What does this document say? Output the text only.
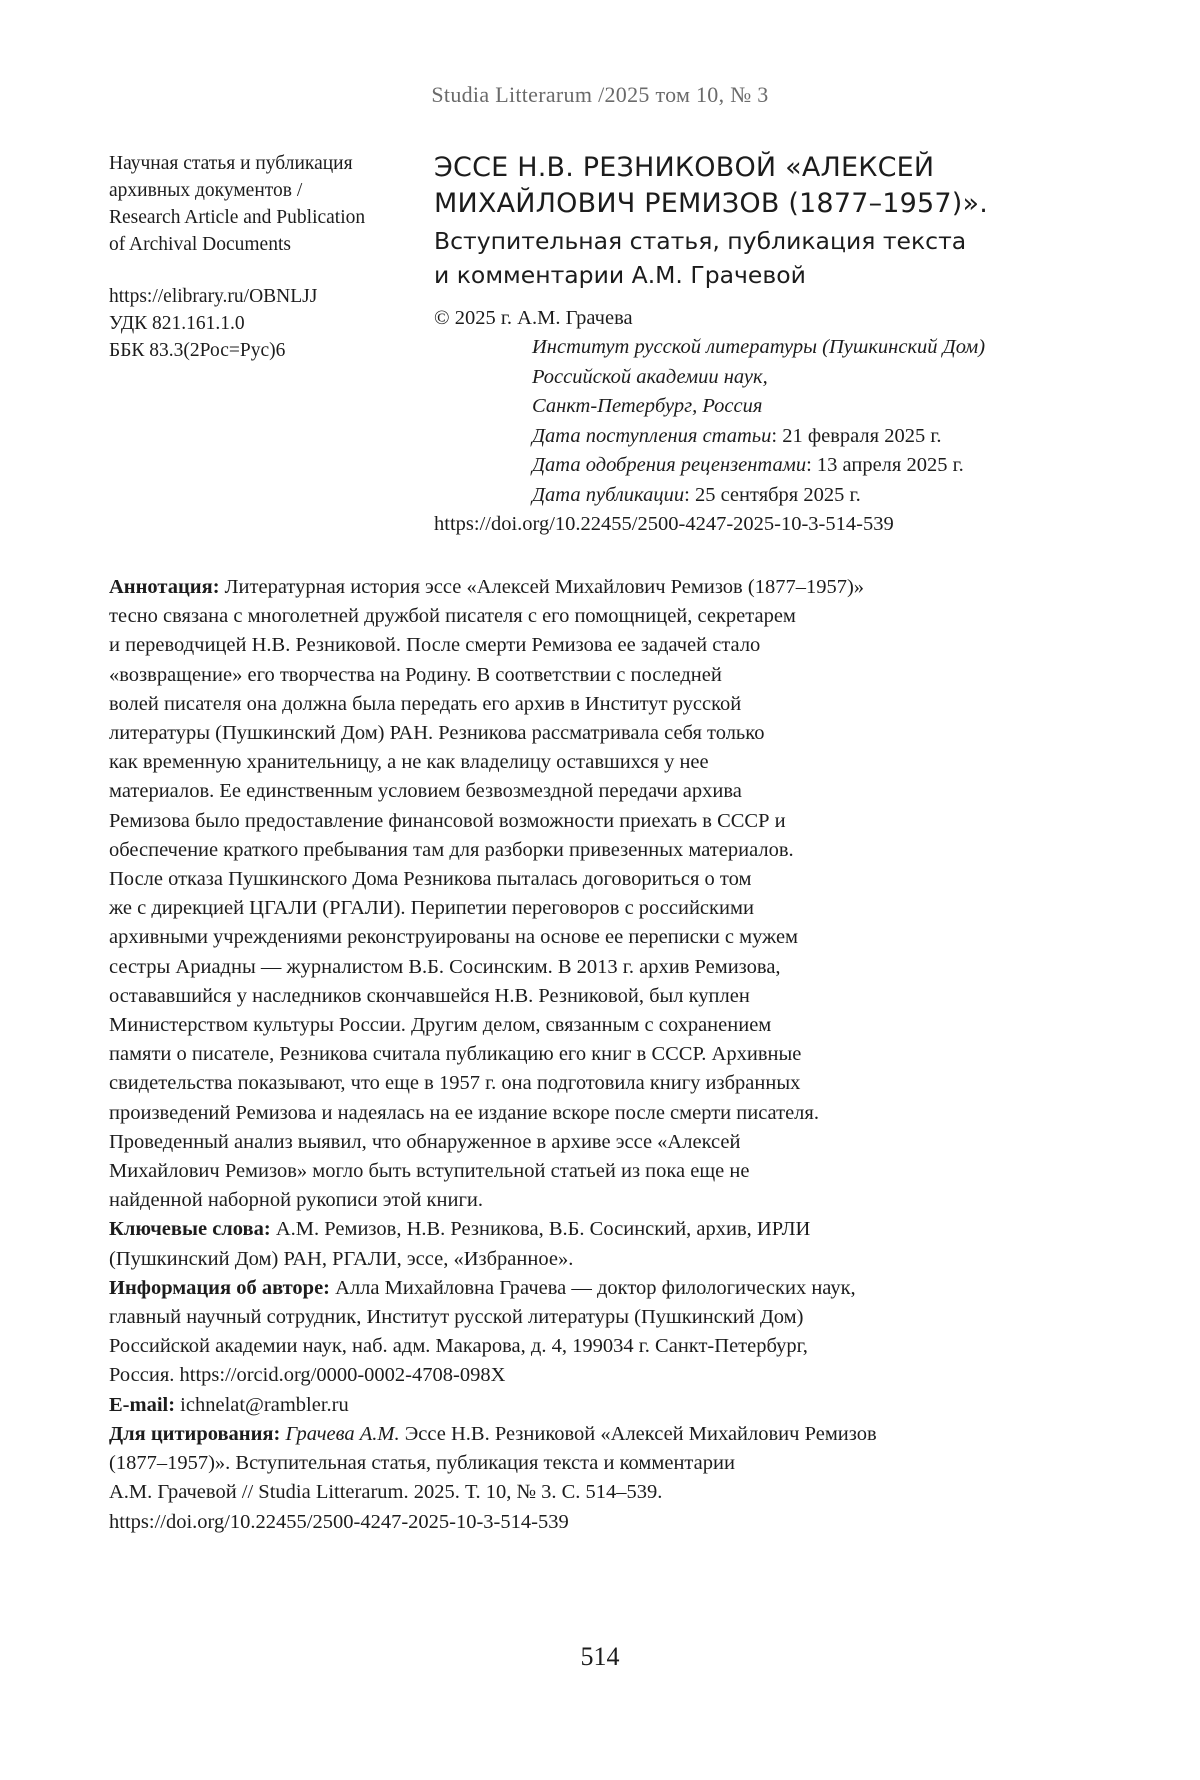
Studia Litterarum /2025 том 10, № 3
Научная статья и публикация
архивных документов /
Research Article and Publication
of Archival Documents
https://elibrary.ru/OBNLJJ
УДК 821.161.1.0
ББК 83.3(2Рос=Рус)6
ЭССЕ Н.В. РЕЗНИКОВОЙ «АЛЕКСЕЙ
МИХАЙЛОВИЧ РЕМИЗОВ (1877–1957)».
Вступительная статья, публикация текста
и комментарии А.М. Грачевой
© 2025 г. А.М. Грачева
Институт русской литературы (Пушкинский Дом)
Российской академии наук,
Санкт-Петербург, Россия
Дата поступления статьи: 21 февраля 2025 г.
Дата одобрения рецензентами: 13 апреля 2025 г.
Дата публикации: 25 сентября 2025 г.
https://doi.org/10.22455/2500-4247-2025-10-3-514-539
Аннотация: Литературная история эссе «Алексей Михайлович Ремизов (1877–1957)»
тесно связана с многолетней дружбой писателя с его помощницей, секретарем
и переводчицей Н.В. Резниковой. После смерти Ремизова ее задачей стало
«возвращение» его творчества на Родину. В соответствии с последней
волей писателя она должна была передать его архив в Институт русской
литературы (Пушкинский Дом) РАН. Резникова рассматривала себя только
как временную хранительницу, а не как владелицу оставшихся у нее
материалов. Ее единственным условием безвозмездной передачи архива
Ремизова было предоставление финансовой возможности приехать в СССР и
обеспечение краткого пребывания там для разборки привезенных материалов.
После отказа Пушкинского Дома Резникова пыталась договориться о том
же с дирекцией ЦГАЛИ (РГАЛИ). Перипетии переговоров с российскими
архивными учреждениями реконструированы на основе ее переписки с мужем
сестры Ариадны — журналистом В.Б. Сосинским. В 2013 г. архив Ремизова,
остававшийся у наследников скончавшейся Н.В. Резниковой, был куплен
Министерством культуры России. Другим делом, связанным с сохранением
памяти о писателе, Резникова считала публикацию его книг в СССР. Архивные
свидетельства показывают, что еще в 1957 г. она подготовила книгу избранных
произведений Ремизова и надеялась на ее издание вскоре после смерти писателя.
Проведенный анализ выявил, что обнаруженное в архиве эссе «Алексей
Михайлович Ремизов» могло быть вступительной статьей из пока еще не
найденной наборной рукописи этой книги.
Ключевые слова: А.М. Ремизов, Н.В. Резникова, В.Б. Сосинский, архив, ИРЛИ
(Пушкинский Дом) РАН, РГАЛИ, эссе, «Избранное».
Информация об авторе: Алла Михайловна Грачева — доктор филологических наук,
главный научный сотрудник, Институт русской литературы (Пушкинский Дом)
Российской академии наук, наб. адм. Макарова, д. 4, 199034 г. Санкт-Петербург,
Россия. https://orcid.org/0000-0002-4708-098X
E-mail: ichnelat@rambler.ru
Для цитирования: Грачева А.М. Эссе Н.В. Резниковой «Алексей Михайлович Ремизов
(1877–1957)». Вступительная статья, публикация текста и комментарии
А.М. Грачевой // Studia Litterarum. 2025. Т. 10, № 3. С. 514–539.
https://doi.org/10.22455/2500-4247-2025-10-3-514-539
514
